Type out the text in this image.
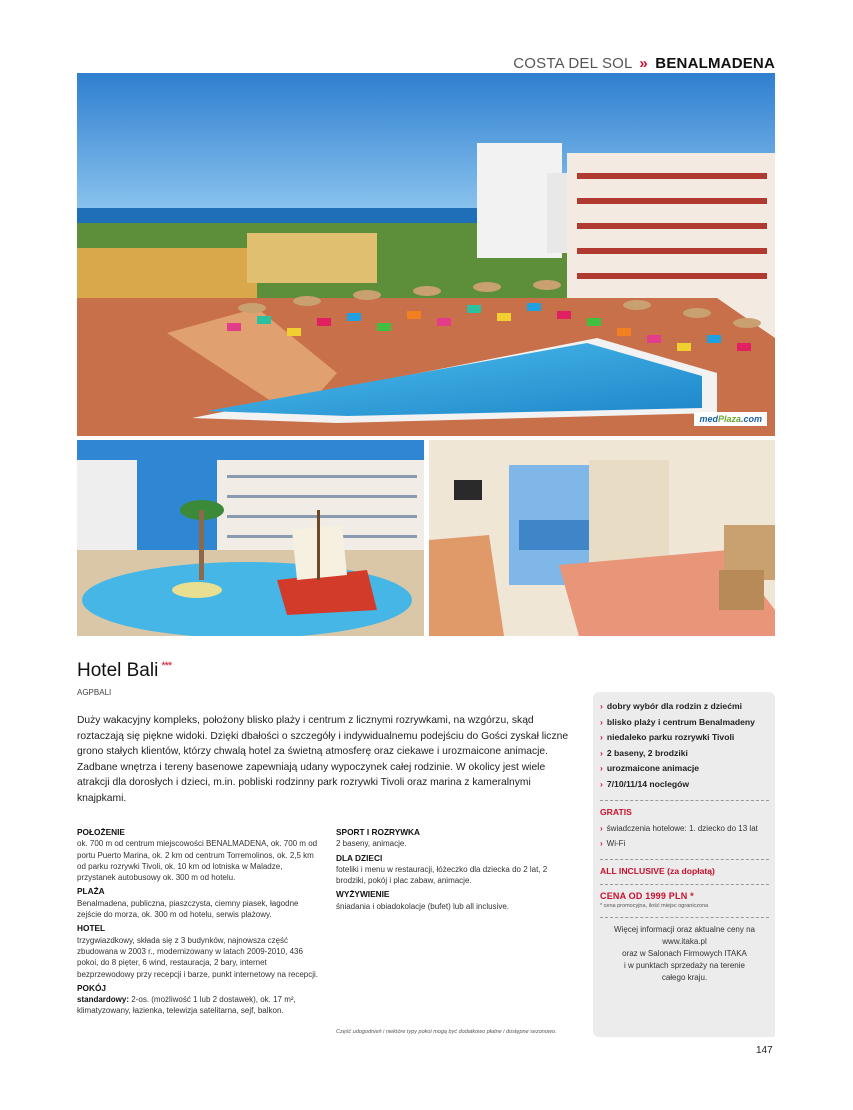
COSTA DEL SOL » BENALMADENA
medPlaza.com
Hotel Bali ***
AGPBALI
Duży wakacyjny kompleks, położony blisko plaży i centrum z licznymi rozrywkami, na wzgórzu, skąd roztaczają się piękne widoki. Dzięki dbałości o szczegóły i indywidualnemu podejściu do Gości zyskał liczne grono stałych klientów, którzy chwalą hotel za świetną atmosferę oraz ciekawe i urozmaicone animacje. Zadbane wnętrza i tereny basenowe zapewniają udany wypoczynek całej rodzinie. W okolicy jest wiele atrakcji dla dorosłych i dzieci, m.in. pobliski rodzinny park rozrywki Tivoli oraz marina z kameralnymi knajpkami.
POŁOŻENIE

ok. 700 m od centrum miejscowości BENALMADENA, ok. 700 m od portu Puerto Marina, ok. 2 km od centrum Torremolinos, ok. 2,5 km od parku rozrywki Tivoli, ok. 10 km od lotniska w Maladze, przystanek autobusowy ok. 300 m od hotelu.

PLAŻA

Benalmadena, publiczna, piaszczysta, ciemny piasek, łagodne zejście do morza, ok. 300 m od hotelu, serwis plażowy.

HOTEL

trzygwiazdkowy, składa się z 3 budynków, najnowsza część zbudowana w 2003 r., modernizowany w latach 2009-2010, 436 pokoi, do 8 pięter, 6 wind, restauracja, 2 bary, internet bezprzewodowy przy recepcji i barze, punkt internetowy na recepcji.

POKÓJ

standardowy: 2-os. (możliwość 1 lub 2 dostawek), ok. 17 m², klimatyzowany, łazienka, telewizja satelitarna, sejf, balkon.

SPORT I ROZRYWKA

2 baseny, animacje.

DLA DZIECI

foteliki i menu w restauracji, łóżeczko dla dziecka do 2 lat, 2 brodziki, pokój i plac zabaw, animacje.

WYŻYWIENIE

śniadania i obiadokolacje (bufet) lub all inclusive.

Część udogodnień i niektóre typy pokoi mogą być dodatkowo płatne i dostępne sezonowo.
› dobry wybór dla rodzin z dziećmi
› blisko plaży i centrum Benalmadeny
› niedaleko parku rozrywki Tivoli
› 2 baseny, 2 brodziki
› urozmaicone animacje
› 7/10/11/14 noclegów
GRATIS
› świadczenia hotelowe: 1. dziecko do 13 lat
› Wi-Fi
ALL INCLUSIVE (za dopłatą)
CENA OD 1999 PLN *
* cena promocyjna, ilość miejsc ograniczona
Więcej informacji oraz aktualne ceny na
www.itaka.pl
oraz w Salonach Firmowych ITAKA
i w punktach sprzedaży na terenie
całego kraju.
147
